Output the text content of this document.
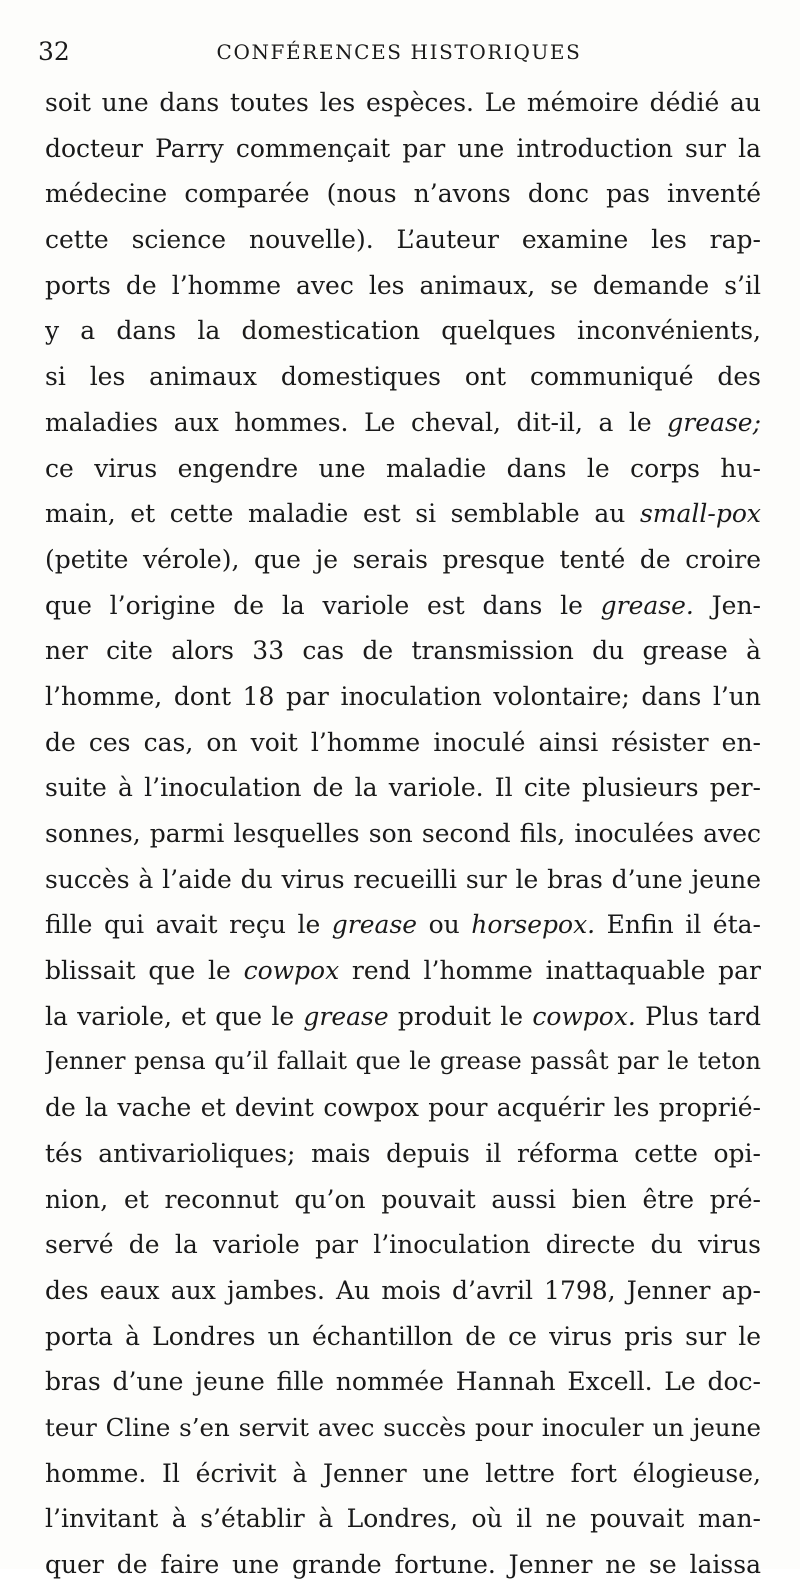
32	CONFÉRENCES HISTORIQUES
soit une dans toutes les espèces. Le mémoire dédié au
docteur Parry commençait par une introduction sur la
médecine comparée (nous n’avons donc pas inventé
cette science nouvelle). L’auteur examine les rap-
ports de l’homme avec les animaux, se demande s’il
y a dans la domestication quelques inconvénients,
si les animaux domestiques ont communiqué des
maladies aux hommes. Le cheval, dit-il, a le grease;
ce virus engendre une maladie dans le corps hu-
main, et cette maladie est si semblable au small-pox
(petite vérole), que je serais presque tenté de croire
que l’origine de la variole est dans le grease. Jen-
ner cite alors 33 cas de transmission du grease à
l’homme, dont 18 par inoculation volontaire; dans l’un
de ces cas, on voit l’homme inoculé ainsi résister en-
suite à l’inoculation de la variole. Il cite plusieurs per-
sonnes, parmi lesquelles son second fils, inoculées avec
succès à l’aide du virus recueilli sur le bras d’une jeune
fille qui avait reçu le grease ou horsepox. Enfin il éta-
blissait que le cowpox rend l’homme inattaquable par
la variole, et que le grease produit le cowpox. Plus tard
Jenner pensa qu’il fallait que le grease passât par le teton
de la vache et devint cowpox pour acquérir les proprié-
tés antivarioliques; mais depuis il réforma cette opi-
nion, et reconnut qu’on pouvait aussi bien être pré-
servé de la variole par l’inoculation directe du virus
des eaux aux jambes. Au mois d’avril 1798, Jenner ap-
porta à Londres un échantillon de ce virus pris sur le
bras d’une jeune fille nommée Hannah Excell. Le doc-
teur Cline s’en servit avec succès pour inoculer un jeune
homme. Il écrivit à Jenner une lettre fort élogieuse,
l’invitant à s’établir à Londres, où il ne pouvait man-
quer de faire une grande fortune. Jenner ne se laissa
